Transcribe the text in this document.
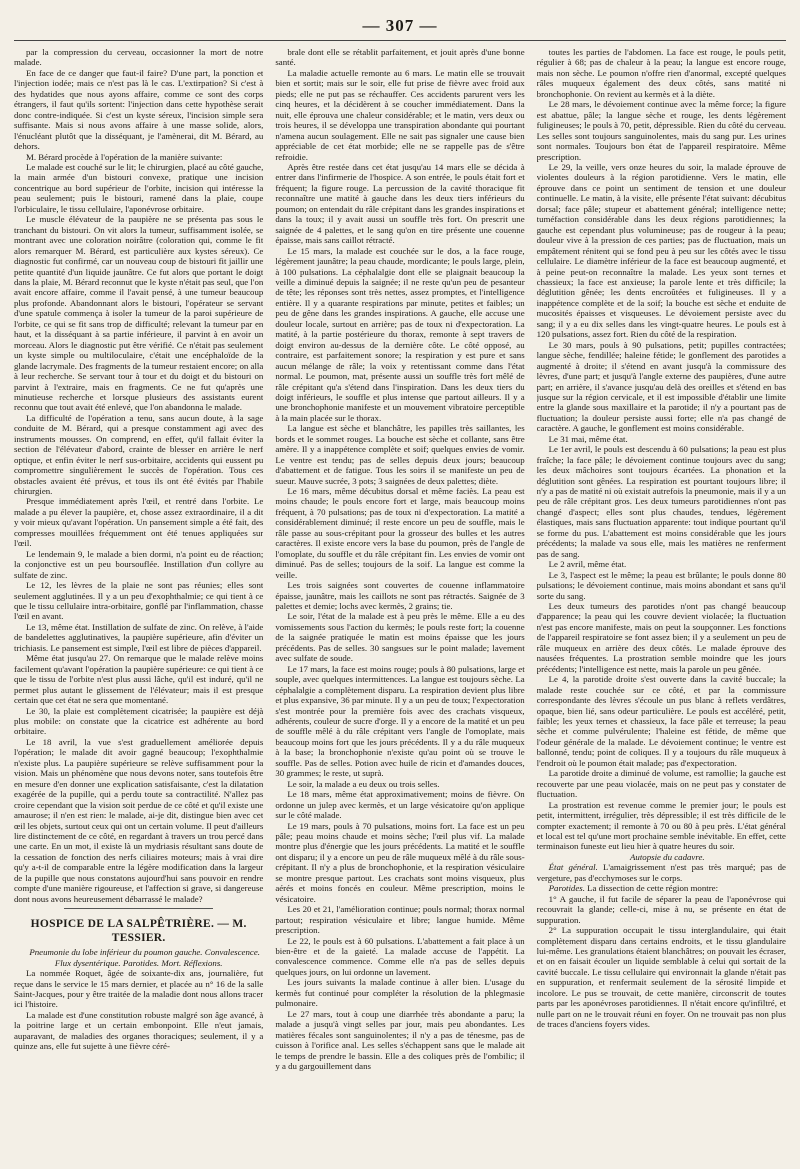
— 307 —

par la compression du cerveau, occasionner la mort de notre malade.

En face de ce danger que faut-il faire? D'une part, la ponction et l'injection iodée; mais ce n'est pas là le cas. L'extirpation? Si c'est à des hydatides que nous ayons affaire, comme ce sont des corps étrangers, il faut qu'ils sortent: l'injection dans cette hypothèse serait donc contre-indiquée. Si c'est un kyste séreux, l'incision simple sera suffisante. Mais si nous avons affaire à une masse solide, alors, l'énucléant plutôt que la disséquant, je l'amènerai, dit M. Bérard, au dehors.

M. Bérard procède à l'opération de la manière suivante:

Le malade est couché sur le lit; le chirurgien, placé au côté gauche, la main armée d'un bistouri convexe, pratique une incision concentrique au bord supérieur de l'orbite, incision qui intéresse la peau seulement; puis le bistouri, ramené dans la plaie, coupe l'orbiculaire, le tissu cellulaire, l'aponévrose orbitaire.

Le muscle élévateur de la paupière ne se présenta pas sous le tranchant du bistouri. On vit alors la tumeur, suffisamment isolée, se montrant avec une coloration noirâtre (coloration qui, comme le fit alors remarquer M. Bérard, est particulière aux kystes séreux). Ce diagnostic fut confirmé, car un nouveau coup de bistouri fit jaillir une petite quantité d'un liquide jaunâtre. Ce fut alors que portant le doigt dans la plaie, M. Bérard reconnut que le kyste n'était pas seul, que l'on avait encore affaire, comme il l'avait pensé, à une tumeur beaucoup plus profonde. Abandonnant alors le bistouri, l'opérateur se servant d'une spatule commença à isoler la tumeur de la paroi supérieure de l'orbite, ce qui se fit sans trop de difficulté; relevant la tumeur par en haut, et la disséquant à sa partie inférieure, il parvint à en avoir un morceau. Alors le diagnostic put être vérifié. Ce n'était pas seulement un kyste simple ou multiloculaire, c'était une encéphaloïde de la glande lacrymale. Des fragments de la tumeur restaient encore; on alla à leur recherche. Se servant tour à tour et du doigt et du bistouri on parvint à l'extraire, mais en fragments. Ce ne fut qu'après une minutieuse recherche et lorsque plusieurs des assistants eurent reconnu que tout avait été enlevé, que l'on abandonna le malade.

La difficulté de l'opération a tenu, sans aucun doute, à la sage conduite de M. Bérard, qui a presque constamment agi avec des instruments mousses. On comprend, en effet, qu'il fallait éviter la section de l'élévateur d'abord, crainte de blesser en arrière le nerf optique, et enfin éviter le nerf sus-orbitaire, accidents qui eussent pu compromettre singulièrement le succès de l'opération. Tous ces obstacles avaient été prévus, et tous ils ont été évités par l'habile chirurgien.

Presque immédiatement après l'œil, et rentré dans l'orbite. Le malade a pu élever la paupière, et, chose assez extraordinaire, il a dit y voir mieux qu'avant l'opération. Un pansement simple a été fait, des compresses mouillées fréquemment ont été tenues appliquées sur l'œil.

Le lendemain 9, le malade a bien dormi, n'a point eu de réaction; la conjonctive est un peu boursouflée. Instillation d'un collyre au sulfate de zinc.

Le 12, les lèvres de la plaie ne sont pas réunies; elles sont seulement agglutinées. Il y a un peu d'exophthalmie; ce qui tient à ce que le tissu cellulaire intra-orbitaire, gonflé par l'inflammation, chasse l'œil en avant.

Le 13, même état. Instillation de sulfate de zinc. On relève, à l'aide de bandelettes agglutinatives, la paupière supérieure, afin d'éviter un trichiasis. Le pansement est simple, l'œil est libre de pièces d'appareil.

Même état jusqu'au 27. On remarque que le malade relève moins facilement qu'avant l'opération la paupière supérieure: ce qui tient à ce que le tissu de l'orbite n'est plus aussi lâche, qu'il est induré, qu'il ne permet plus autant le glissement de l'élévateur; mais il est presque certain que cet état ne sera que momentané.

Le 30, la plaie est complètement cicatrisée; la paupière est déjà plus mobile: on constate que la cicatrice est adhérente au bord orbitaire.

Le 18 avril, la vue s'est graduellement améliorée depuis l'opération; le malade dit avoir gagné beaucoup; l'exophthalmie n'existe plus. La paupière supérieure se relève suffisamment pour la vision. Mais un phénomène que nous devons noter, sans toutefois être en mesure d'en donner une explication satisfaisante, c'est la dilatation exagérée de la pupille, qui a perdu toute sa contractilité. N'allez pas croire cependant que la vision soit perdue de ce côté et qu'il existe une amaurose; il n'en est rien: le malade, ai-je dit, distingue bien avec cet œil les objets, surtout ceux qui ont un certain volume. Il peut d'ailleurs lire distinctement de ce côté, en regardant à travers un trou percé dans une carte. En un mot, il existe là un mydriasis résultant sans doute de la cessation de fonction des nerfs ciliaires moteurs; mais à vrai dire qu'y a-t-il de comparable entre la légère modification dans la largeur de la pupille que nous constatons aujourd'hui sans pouvoir en rendre compte d'une manière rigoureuse, et l'affection si grave, si dangereuse dont nous avons heureusement débarrassé le malade?

HOSPICE DE LA SALPÊTRIÈRE. — M. TESSIER.

Pneumonie du lobe inférieur du poumon gauche. Convalescence. Flux dysentérique. Parotides. Mort. Réflexions.

La nommée Roquet, âgée de soixante-dix ans, journalière, fut reçue dans le service le 15 mars dernier, et placée au n° 16 de la salle Saint-Jacques, pour y être traitée de la maladie dont nous allons tracer ici l'histoire.

La malade est d'une constitution robuste malgré son âge avancé, à la poitrine large et un certain embonpoint. Elle n'eut jamais, auparavant, de maladies des organes thoraciques; seulement, il y a quinze ans, elle fut sujette à une fièvre céré-

brale dont elle se rétablit parfaitement, et jouit après d'une bonne santé.

La maladie actuelle remonte au 6 mars. Le matin elle se trouvait bien et sortit; mais sur le soir, elle fut prise de fièvre avec froid aux pieds; elle ne put pas se réchauffer. Ces accidents parurent vers les cinq heures, et la décidèrent à se coucher immédiatement. Dans la nuit, elle éprouva une chaleur considérable; et le matin, vers deux ou trois heures, il se développa une transpiration abondante qui pourtant n'amena aucun soulagement. Elle ne sait pas signaler une cause bien appréciable de cet état morbide; elle ne se rappelle pas de s'être refroidie.

Après être restée dans cet état jusqu'au 14 mars elle se décida à entrer dans l'infirmerie de l'hospice. A son entrée, le pouls était fort et fréquent; la figure rouge. La percussion de la cavité thoracique fit reconnaître une matité à gauche dans les deux tiers inférieurs du poumon; on entendait du râle crépitant dans les grandes inspirations et dans la toux; il y avait aussi un souffle très fort. On prescrit une saignée de 4 palettes, et le sang qu'on en tire présente une couenne épaisse, mais sans caillot rétracté.

Le 15 mars, la malade est couchée sur le dos, a la face rouge, légèrement jaunâtre; la peau chaude, mordicante; le pouls large, plein, à 100 pulsations. La céphalalgie dont elle se plaignait beaucoup la veille a diminué depuis la saignée; il ne reste qu'un peu de pesanteur de tête; les réponses sont très nettes, assez promptes, et l'intelligence entière. Il y a quarante respirations par minute, petites et faibles; un peu de gêne dans les grandes inspirations. A gauche, elle accuse une douleur locale, surtout en arrière; pas de toux ni d'expectoration. La matité, à la partie postérieure du thorax, remonte à sept travers de doigt environ au-dessus de la dernière côte. Le côté opposé, au contraire, est parfaitement sonore; la respiration y est pure et sans aucun mélange de râle; la voix y retentissant comme dans l'état normal. Le poumon, mat, présente aussi un souffle très fort mêlé de râle crépitant qu'a s'étend dans l'inspiration. Dans les deux tiers du doigt inférieurs, le souffle et plus intense que partout ailleurs. Il y a une bronchophonie manifeste et un mouvement vibratoire perceptible à la main placée sur le thorax.

La langue est sèche et blanchâtre, les papilles très saillantes, les bords et le sommet rouges. La bouche est sèche et collante, sans être amère. Il y a inappétence complète et soif; quelques envies de vomir. Le ventre est tendu; pas de selles depuis deux jours; beaucoup d'abattement et de fatigue. Tous les soirs il se manifeste un peu de sueur. Mauve sucrée, 3 pots; 3 saignées de deux palettes; diète.

Le 16 mars, même décubitus dorsal et même faciès. La peau est moins chaude; le pouls encore fort et large, mais beaucoup moins fréquent, à 70 pulsations; pas de toux ni d'expectoration. La matité a considérablement diminué; il reste encore un peu de souffle, mais le râle passe au sous-crépitant pour la grosseur des bulles et les autres caractères. Il existe encore vers la base du poumon, près de l'angle de l'omoplate, du souffle et du râle crépitant fin. Les envies de vomir ont diminué. Pas de selles; toujours de la soif. La langue est comme la veille.

Les trois saignées sont couvertes de couenne inflammatoire épaisse, jaunâtre, mais les caillots ne sont pas rétractés. Saignée de 3 palettes et demie; lochs avec kermès, 2 grains; tie.

Le soir, l'état de la malade est à peu près le même. Elle a eu des vomissements sous l'action du kermès; le pouls reste fort; la couenne de la saignée pratiquée le matin est moins épaisse que les jours précédents. Pas de selles. 30 sangsues sur le point malade; lavement avec sulfate de soude.

Le 17 mars, la face est moins rouge; pouls à 80 pulsations, large et souple, avec quelques intermittences. La langue est toujours sèche. La céphalalgie a complètement disparu. La respiration devient plus libre et plus expansive, 36 par minute. Il y a un peu de toux; l'expectoration s'est montrée pour la première fois avec des crachats visqueux, adhérents, couleur de sucre d'orge. Il y a encore de la matité et un peu de souffle mêlé à du râle crépitant vers l'angle de l'omoplate, mais beaucoup moins fort que les jours précédents. Il y a du râle muqueux à la base; la bronchophonie n'existe qu'au point où se trouve le souffle. Pas de selles. Potion avec huile de ricin et d'amandes douces, 30 grammes; le reste, ut suprà.

Le soir, la malade a eu deux ou trois selles.

Le 18 mars, même état approximativement; moins de fièvre. On ordonne un julep avec kermès, et un large vésicatoire qu'on applique sur le côté malade.

Le 19 mars, pouls à 70 pulsations, moins fort. La face est un peu pâle; peau moins chaude et moins sèche; l'œil plus vif. La malade montre plus d'énergie que les jours précédents. La matité et le souffle ont disparu; il y a encore un peu de râle muqueux mêlé à du râle sous-crépitant. Il n'y a plus de bronchophonie, et la respiration vésiculaire se montre presque partout. Les crachats sont moins visqueux, plus aérés et moins foncés en couleur. Même prescription, moins le vésicatoire.

Les 20 et 21, l'amélioration continue; pouls normal; thorax normal partout; respiration vésiculaire et libre; langue humide. Même prescription.

Le 22, le pouls est à 60 pulsations. L'abattement a fait place à un bien-être et de la gaieté. La malade accuse de l'appétit. La convalescence commence. Comme elle n'a pas de selles depuis quelques jours, on lui ordonne un lavement.

Les jours suivants la malade continue à aller bien. L'usage du kermès fut continué pour compléter la résolution de la phlegmasie pulmonaire.

Le 27 mars, tout à coup une diarrhée très abondante a paru; la malade a jusqu'à vingt selles par jour, mais peu abondantes. Les matières fécales sont sanguinolentes; il n'y a pas de ténesme, pas de cuisson à l'orifice anal. Les selles s'échappent sans que le malade ait le temps de prendre le bassin. Elle a des coliques près de l'ombilic; il y a du gargouillement dans

toutes les parties de l'abdomen. La face est rouge, le pouls petit, régulier à 68; pas de chaleur à la peau; la langue est encore rouge, mais non sèche. Le poumon n'offre rien d'anormal, excepté quelques râles muqueux également des deux côtés, sans matité ni bronchophonie. On revient au kermès et à la diète.

Le 28 mars, le dévoiement continue avec la même force; la figure est abattue, pâle; la langue sèche et rouge, les dents légèrement fuligineuses; le pouls à 70, petit, dépressible. Rien du côté du cerveau. Les selles sont toujours sanguinolentes, mais du sang pur. Les urines sont normales. Toujours bon état de l'appareil respiratoire. Même prescription.

Le 29, la veille, vers onze heures du soir, la malade éprouve de violentes douleurs à la région parotidienne. Vers le matin, elle éprouve dans ce point un sentiment de tension et une douleur continuelle. Le matin, à la visite, elle présente l'état suivant: décubitus dorsal; face pâle; stupeur et abattement général; intelligence nette; tuméfaction considérable dans les deux régions parotidiennes; la gauche est cependant plus volumineuse; pas de rougeur à la peau; douleur vive à la pression de ces parties; pas de fluctuation, mais un empâtement rénitent qui se fond peu à peu sur les côtés avec le tissu cellulaire. Le diamètre inférieur de la face est beaucoup augmenté, et à peine peut-on reconnaître la malade. Les yeux sont ternes et chassieux; la face est anxieuse; la parole lente et très difficile; la déglutition gênée; les dents encroûtées et fuligineuses. Il y a inappétence complète et de la soif; la bouche est sèche et enduite de mucosités épaisses et visqueuses. Le dévoiement persiste avec du sang; il y a eu dix selles dans les vingt-quatre heures. Le pouls est à 120 pulsations, assez fort. Rien du côté de la respiration.

Le 30 mars, pouls à 90 pulsations, petit; pupilles contractées; langue sèche, fendillée; haleine fétide; le gonflement des parotides a augmenté à droite; il s'étend en avant jusqu'à la commissure des lèvres, d'une part; et jusqu'à l'angle externe des paupières, d'une autre part; en arrière, il s'avance jusqu'au delà des oreilles et s'étend en bas jusque sur la région cervicale, et il est impossible d'établir une limite entre la glande sous maxillaire et la parotide; il n'y a pourtant pas de fluctuation; la douleur persiste aussi forte; elle n'a pas changé de caractère. A gauche, le gonflement est moins considérable.

Le 31 mai, même état.

Le 1er avril, le pouls est descendu à 60 pulsations; la peau est plus fraîche; la face pâle; le dévoiement continue toujours avec du sang; les deux mâchoires sont toujours écartées. La phonation et la déglutition sont gênées. La respiration est pourtant toujours libre; il n'y a pas de matité ni où existait autrefois la pneumonie, mais il y a un peu de râle crépitant gros. Les deux tumeurs parotidiennes n'ont pas changé d'aspect; elles sont plus chaudes, tendues, légèrement élastiques, mais sans fluctuation apparente: tout indique pourtant qu'il se forme du pus. L'abattement est moins considérable que les jours précédents; la malade va sous elle, mais les matières ne renferment pas de sang.

Le 2 avril, même état.

Le 3, l'aspect est le même; la peau est brûlante; le pouls donne 80 pulsations; le dévoiement continue, mais moins abondant et sans qu'il sorte du sang.

Les deux tumeurs des parotides n'ont pas changé beaucoup d'apparence; la peau qui les couvre devient violacée; la fluctuation n'est pas encore manifeste, mais on peut la soupçonner. Les fonctions de l'appareil respiratoire se font assez bien; il y a seulement un peu de râle muqueux en arrière des deux côtés. Le malade éprouve des nausées fréquentes. La prostration semble moindre que les jours précédents; l'intelligence est nette, mais la parole un peu gênée.

Le 4, la parotide droite s'est ouverte dans la cavité buccale; la malade reste couchée sur ce côté, et par la commissure correspondante des lèvres s'écoule un pus blanc à reflets verdâtres, opaque, bien lié, sans odeur particulière. Le pouls est accéléré, petit, faible; les yeux ternes et chassieux, la face pâle et terreuse; la peau sèche et comme pulvérulente; l'haleine est fétide, de même que l'odeur générale de la malade. Le dévoiement continue; le ventre est ballonné, tendu; point de coliques. Il y a toujours du râle muqueux à l'endroit où le poumon était malade; pas d'expectoration.

La parotide droite a diminué de volume, est ramollie; la gauche est recouverte par une peau violacée, mais on ne peut pas y constater de fluctuation.

La prostration est revenue comme le premier jour; le pouls est petit, intermittent, irrégulier, très dépressible; il est très difficile de le compter exactement; il remonte à 70 ou 80 à peu près. L'état général et local est tel qu'une mort prochaine semble inévitable. En effet, cette terminaison funeste eut lieu hier à quatre heures du soir.

Autopsie du cadavre.

État général. L'amaigrissement n'est pas très marqué; pas de vergeture, pas d'ecchymoses sur le corps.

Parotides. La dissection de cette région montre:

1° A gauche, il fut facile de séparer la peau de l'aponévrose qui recouvrait la glande; celle-ci, mise à nu, se présente en état de suppuration.

2° La suppuration occupait le tissu interglandulaire, qui était complètement disparu dans certains endroits, et le tissu glandulaire lui-même. Les granulations étaient blanchâtres; on pouvait les écraser, et on en faisait écouler un liquide semblable à celui qui sortait de la cavité buccale. Le tissu cellulaire qui environnait la glande n'était pas en suppuration, et renfermait seulement de la sérosité limpide et incolore. Le pus se trouvait, de cette manière, circonscrit de toutes parts par les aponévroses parotidiennes. Il n'était encore qu'infiltré, et nulle part on ne le trouvait réuni en foyer. On ne trouvait pas non plus de traces d'anciens foyers vides.
